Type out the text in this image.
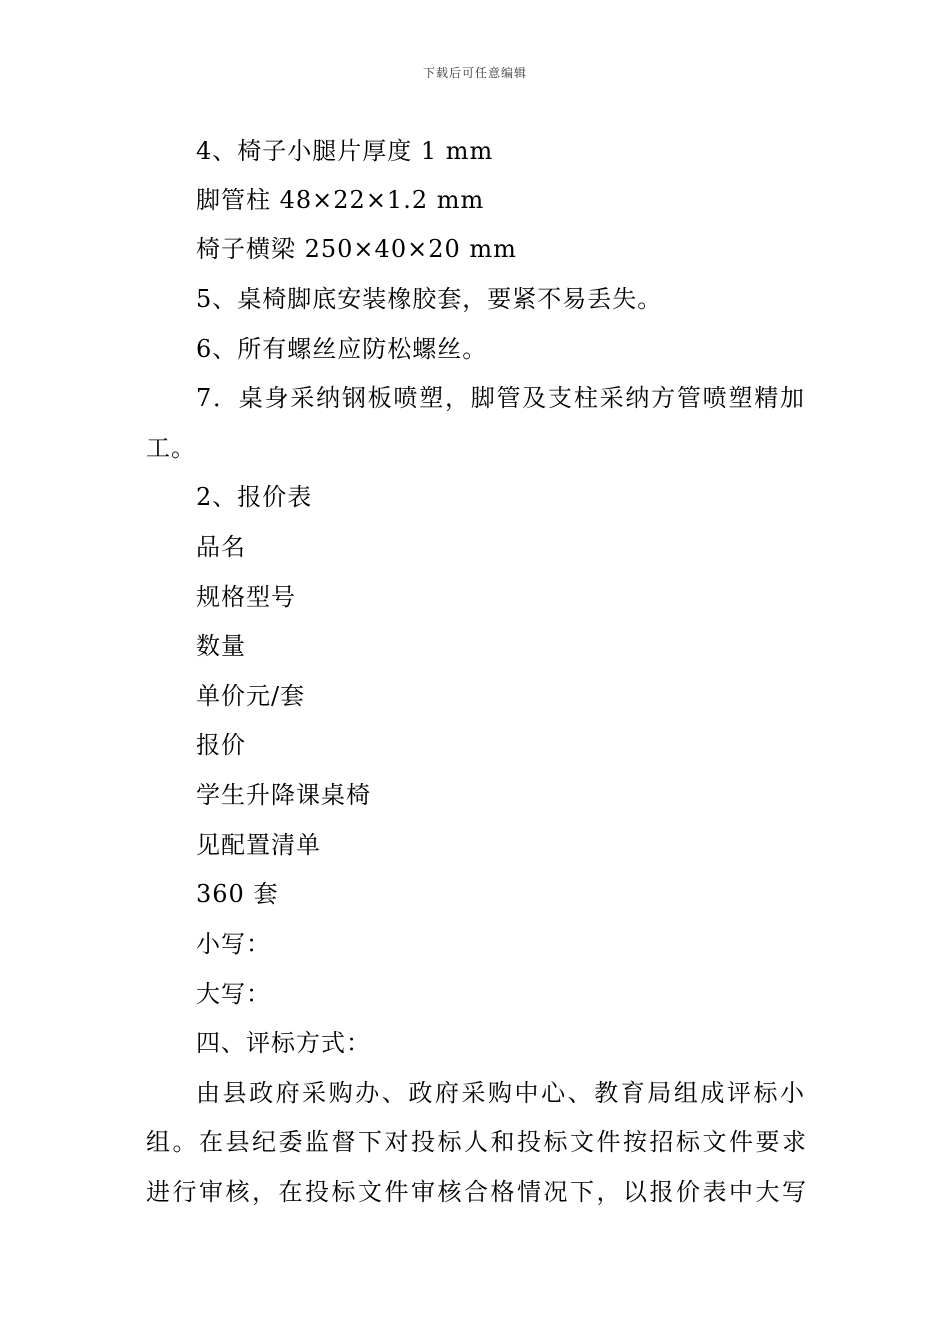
下载后可任意编辑
4、椅子小腿片厚度 1 mm
脚管柱 48×22×1.2 mm
椅子横梁 250×40×20 mm
5、桌椅脚底安装橡胶套，要紧不易丢失。
6、所有螺丝应防松螺丝。
7．桌身采纳钢板喷塑，脚管及支柱采纳方管喷塑精加
工。
2、报价表
品名
规格型号
数量
单价元/套
报价
学生升降课桌椅
见配置清单
360 套
小写：
大写：
四、评标方式：
由县政府采购办、政府采购中心、教育局组成评标小
组。在县纪委监督下对投标人和投标文件按招标文件要求
进行审核，在投标文件审核合格情况下，以报价表中大写
